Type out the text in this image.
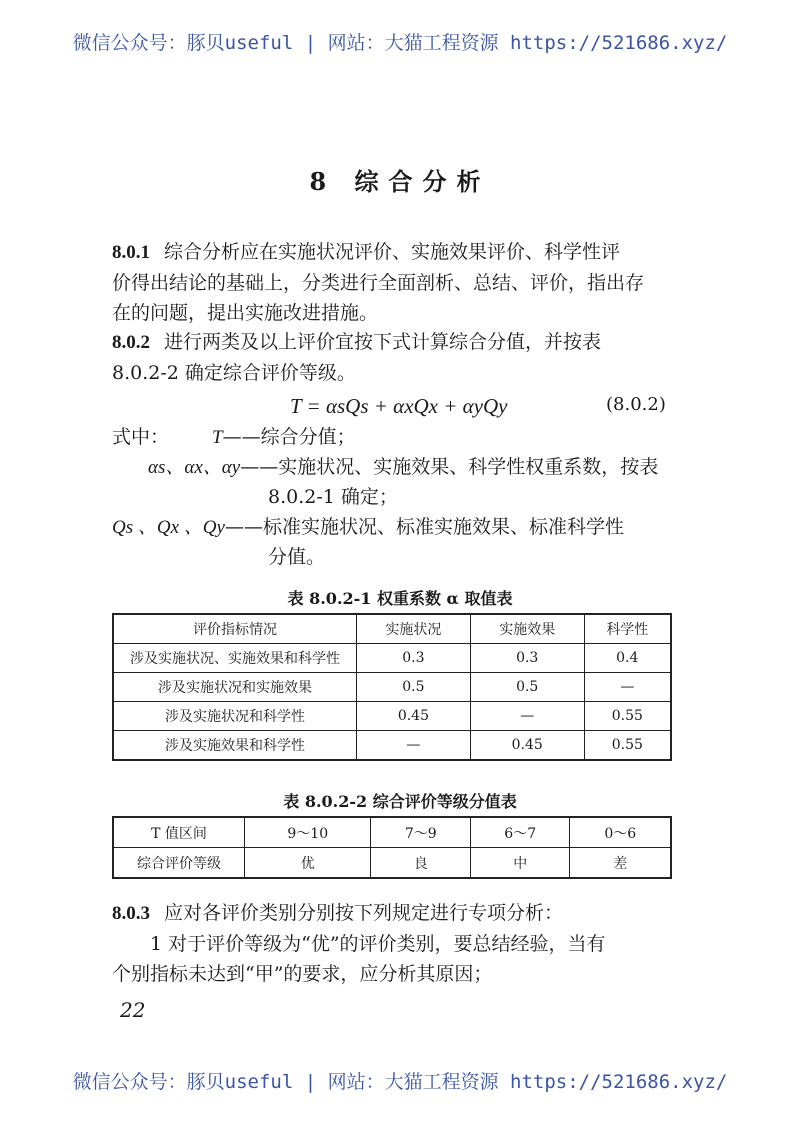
微信公众号：豚贝useful | 网站：大猫工程资源 https://521686.xyz/
8 综合分析
8.0.1 综合分析应在实施状况评价、实施效果评价、科学性评
价得出结论的基础上，分类进行全面剖析、总结、评价，指出存
在的问题，提出实施改进措施。
8.0.2 进行两类及以上评价宜按下式计算综合分值，并按表
8.0.2-2 确定综合评价等级。
T = αsQs + αxQx + αyQy	(8.0.2)
式中： T——综合分值；
αs、αx、αy——实施状况、实施效果、科学性权重系数，按表
8.0.2-1 确定；
Qs 、Qx 、Qy——标准实施状况、标准实施效果、标准科学性
分值。
表 8.0.2-1 权重系数 α 取值表
评价指标情况	实施状况	实施效果	科学性
涉及实施状况、实施效果和科学性	0.3	0.3	0.4
涉及实施状况和实施效果	0.5	0.5	—
涉及实施状况和科学性	0.45	—	0.55
涉及实施效果和科学性	—	0.45	0.55
表 8.0.2-2 综合评价等级分值表
T 值区间	9～10	7～9	6～7	0～6
综合评价等级	优	良	中	差
8.0.3 应对各评价类别分别按下列规定进行专项分析：
1 对于评价等级为“优”的评价类别，要总结经验，当有
个别指标未达到“甲”的要求，应分析其原因；
22
微信公众号：豚贝useful | 网站：大猫工程资源 https://521686.xyz/
